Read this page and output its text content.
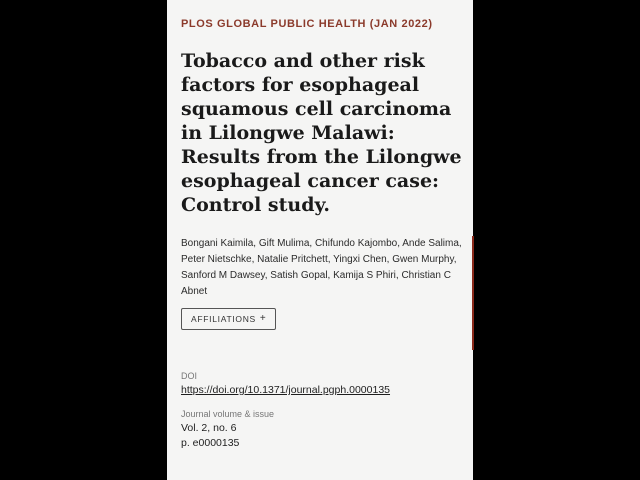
PLOS GLOBAL PUBLIC HEALTH (JAN 2022)
Tobacco and other risk factors for esophageal squamous cell carcinoma in Lilongwe Malawi: Results from the Lilongwe esophageal cancer case: Control study.
Bongani Kaimila, Gift Mulima, Chifundo Kajombo, Ande Salima, Peter Nietschke, Natalie Pritchett, Yingxi Chen, Gwen Murphy, Sanford M Dawsey, Satish Gopal, Kamija S Phiri, Christian C Abnet
AFFILIATIONS +
DOI
https://doi.org/10.1371/journal.pgph.0000135
Journal volume & issue
Vol. 2, no. 6
p. e0000135
